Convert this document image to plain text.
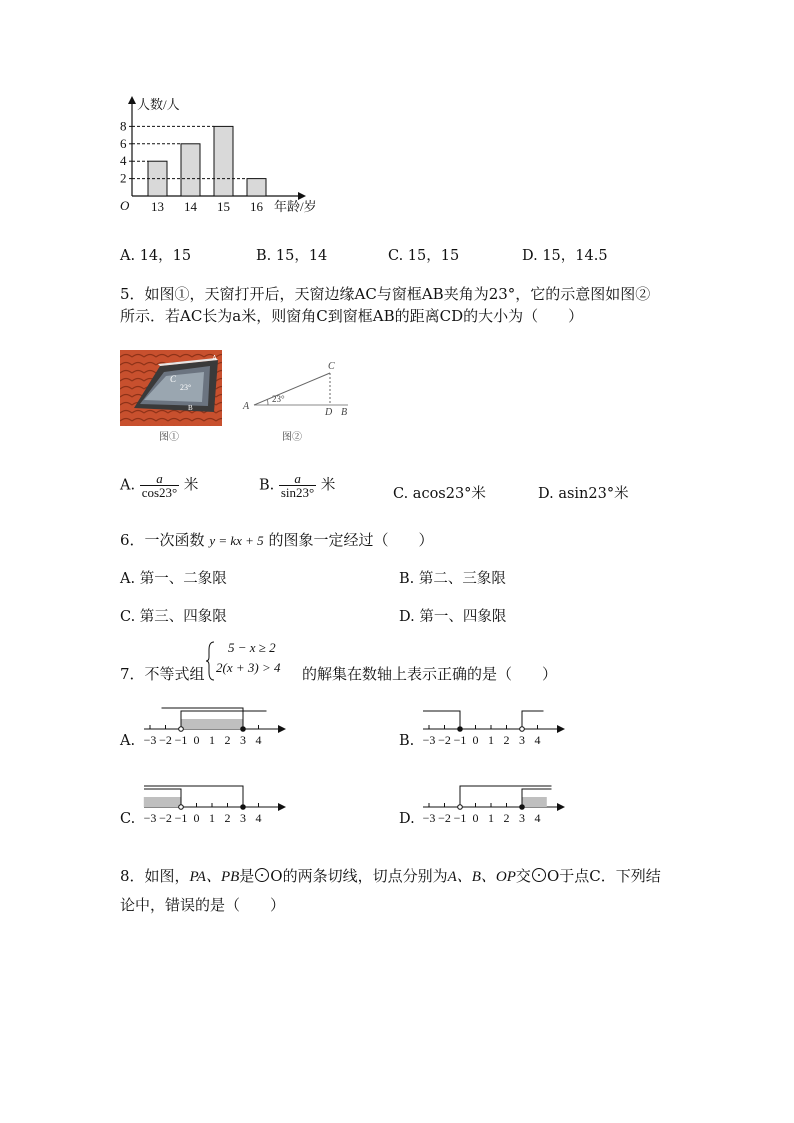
人数/人
O
2
4
6
8
13 14 15 16 年龄/岁
A. 14，15	B. 15，14	C. 15，15	D. 15，14.5
5．如图①，天窗打开后，天窗边缘AC与窗框AB夹角为23°，它的示意图如图②
所示．若AC长为a米，则窗角C到窗框AB的距离CD的大小为（　　）
C
23°
A
B
图①
C
A
D B
23°
图②
A. $\frac{a}{\cos 23^\circ}$ 米	B. $\frac{a}{\sin 23^\circ}$ 米
C. acos23°米	D. asin23°米
6．一次函数 y = kx + 5 的图象一定经过（　　）
A. 第一、二象限	B. 第二、三象限
C. 第三、四象限	D. 第一、四象限
7．不等式组
5 − x ≥ 2
2(x + 3) > 4 的解集在数轴上表示正确的是（　　）
A. −3 −2 −1 0 1 2 3 4	B. −3 −2 −1 0 1 2 3 4
C. −3 −2 −1 0 1 2 3 4	D. −3 −2 −1 0 1 2 3 4
8．如图，PA、PB是 O的两条切线，切点分别为A、B、OP交 O于点C．下列结
论中，错误的是（　　）
